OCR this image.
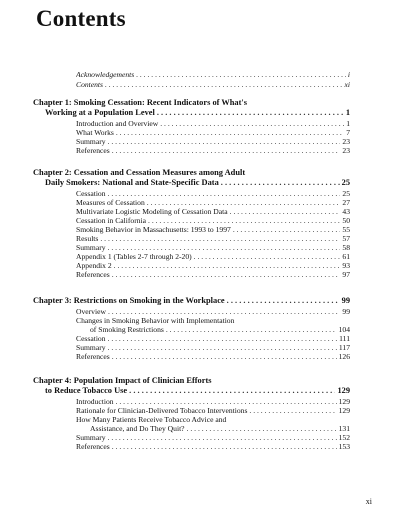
Contents
Acknowledgements . . .	i
Contents . . .	xi
Chapter 1: Smoking Cessation: Recent Indicators of What's
Working at a Population Level . . .	1
Introduction and Overview . . .	1
What Works . . .	7
Summary . . .	23
References . . .	23
Chapter 2: Cessation and Cessation Measures among Adult
Daily Smokers: National and State-Specific Data . . .	25
Cessation . . .	25
Measures of Cessation . . .	27
Multivariate Logistic Modeling of Cessation Data . . .	43
Cessation in California . . .	50
Smoking Behavior in Massachusetts: 1993 to 1997 . . .	55
Results . . .	57
Summary . . .	58
Appendix 1 (Tables 2-7 through 2-20) . . .	61
Appendix 2 . . .	93
References . . .	97
Chapter 3: Restrictions on Smoking in the Workplace . . .	99
Overview . . .	99
Changes in Smoking Behavior with Implementation
of Smoking Restrictions . . .	104
Cessation . . .	111
Summary . . .	117
References . . .	126
Chapter 4: Population Impact of Clinician Efforts
to Reduce Tobacco Use . . .	129
Introduction . . .	129
Rationale for Clinician-Delivered Tobacco Interventions . . .	129
How Many Patients Receive Tobacco Advice and
Assistance, and Do They Quit? . . .	131
Summary . . .	152
References . . .	153
xi
